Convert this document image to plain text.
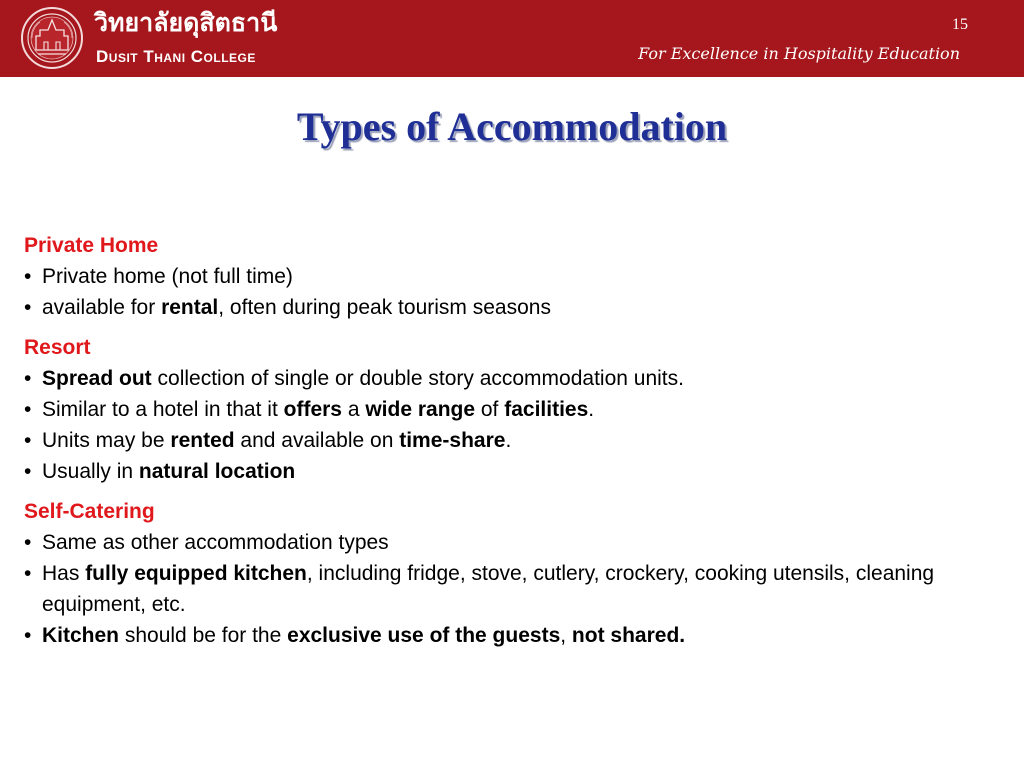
วิทยาลัยดุสิตธานี
Dusit Thani College
15
For Excellence in Hospitality Education
Types of Accommodation

Private Home

• Private home (not full time)

• available for rental, often during peak tourism seasons

Resort

• Spread out collection of single or double story accommodation units.

• Similar to a hotel in that it offers a wide range of facilities.

• Units may be rented and available on time-share.

• Usually in natural location

Self-Catering

• Same as other accommodation types

• Has fully equipped kitchen, including fridge, stove, cutlery, crockery, cooking utensils, cleaning equipment, etc.

• Kitchen should be for the exclusive use of the guests, not shared.
